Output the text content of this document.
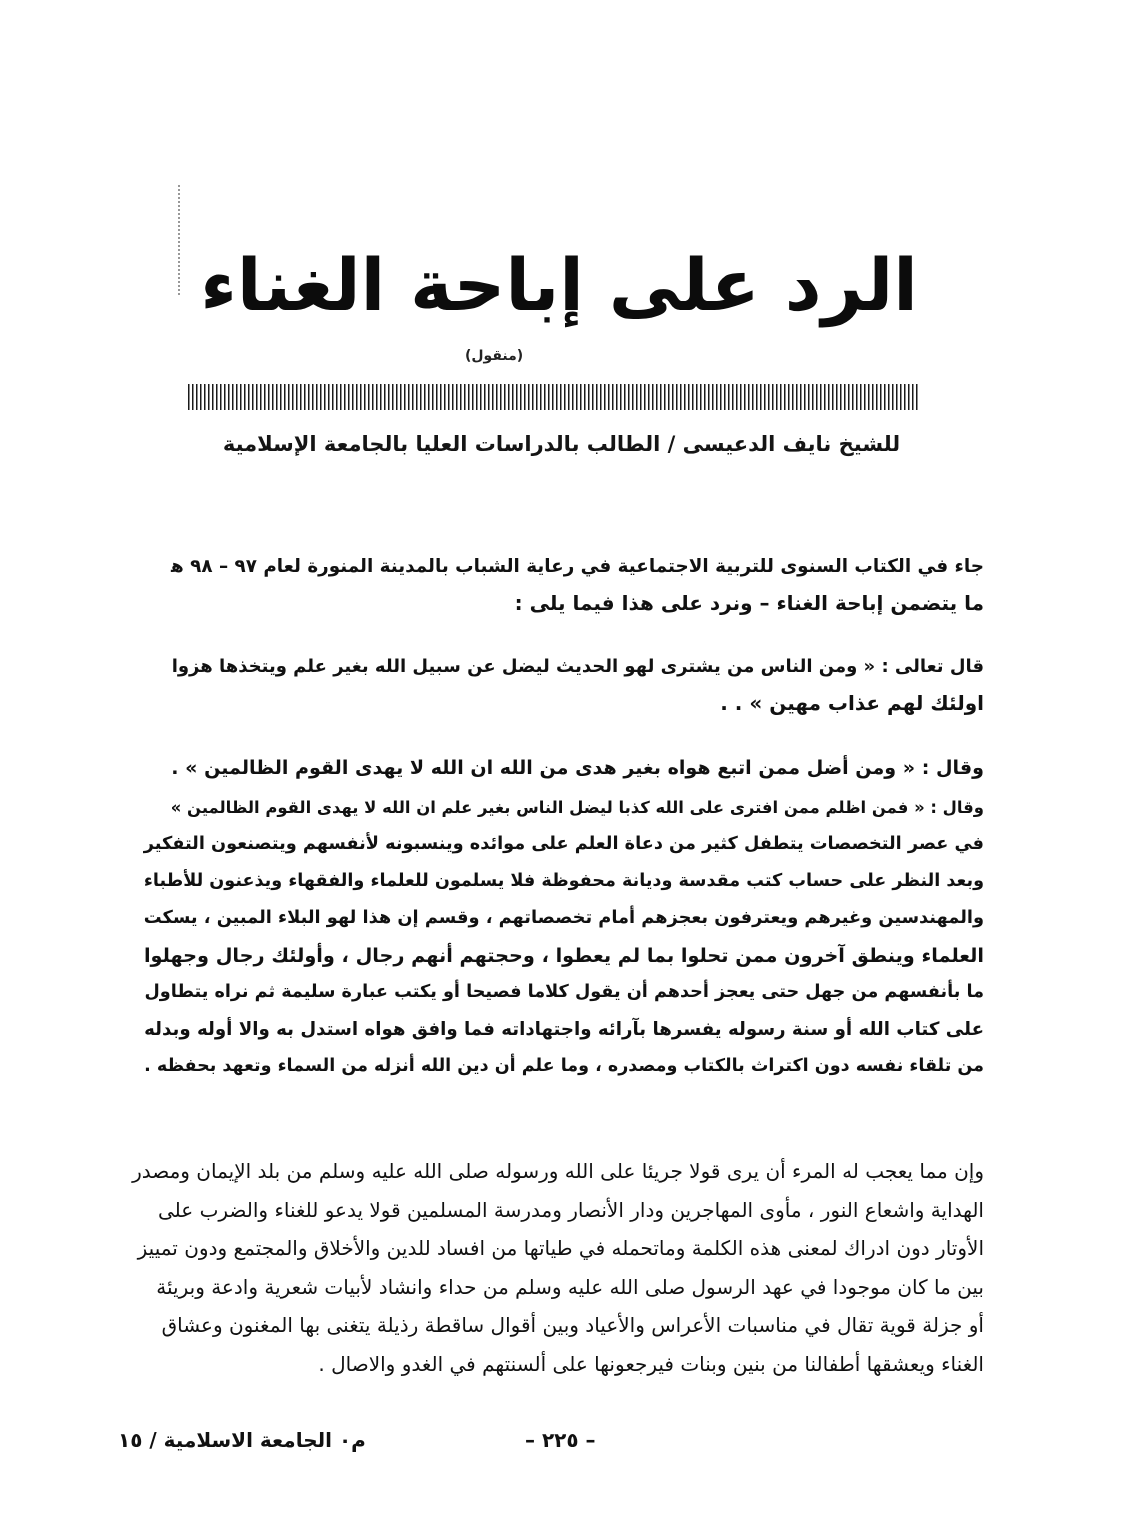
الرد على إباحة الغناء
(منقول)
للشيخ نايف الدعيسى / الطالب بالدراسات العليا بالجامعة الإسلامية
جاء في الكتاب السنوى للتربية الاجتماعية في رعاية الشباب بالمدينة المنورة لعام ٩٧ – ٩٨ ﻫ
ما يتضمن إباحة الغناء – ونرد على هذا فيما يلى :
قال تعالى : « ومن الناس من يشترى لهو الحديث ليضل عن سبيل الله بغير علم ويتخذها هزوا
اولئك لهم عذاب مهين » . .
وقال : « ومن أضل ممن اتبع هواه بغير هدى من الله ان الله لا يهدى القوم الظالمين » .
وقال : « فمن اظلم ممن افترى على الله كذبا ليضل الناس بغير علم ان الله لا يهدى القوم الظالمين »
في عصر التخصصات يتطفل كثير من دعاة العلم على موائده وينسبونه لأنفسهم ويتصنعون التفكير
وبعد النظر على حساب كتب مقدسة وديانة محفوظة فلا يسلمون للعلماء والفقهاء ويذعنون للأطباء
والمهندسين وغيرهم ويعترفون بعجزهم أمام تخصصاتهم ، وقسم إن هذا لهو البلاء المبين ، يسكت
العلماء وينطق آخرون ممن تحلوا بما لم يعطوا ، وحجتهم أنهم رجال ، وأولئك رجال وجهلوا
ما بأنفسهم من جهل حتى يعجز أحدهم أن يقول كلاما فصيحا أو يكتب عبارة سليمة ثم نراه يتطاول
على كتاب الله أو سنة رسوله يفسرها بآرائه واجتهاداته فما وافق هواه استدل به والا أوله وبدله
من تلقاء نفسه دون اكتراث بالكتاب ومصدره ، وما علم أن دين الله أنزله من السماء وتعهد بحفظه .
وإن مما يعجب له المرء أن يرى قولا جريئا على الله ورسوله صلى الله عليه وسلم من بلد الإيمان ومصدر
الهداية واشعاع النور ، مأوى المهاجرين ودار الأنصار ومدرسة المسلمين قولا يدعو للغناء والضرب على
الأوتار دون ادراك لمعنى هذه الكلمة وماتحمله في طياتها من افساد للدين والأخلاق والمجتمع ودون تمييز
بين ما كان موجودا في عهد الرسول صلى الله عليه وسلم من حداء وانشاد لأبيات شعرية وادعة وبريئة
أو جزلة قوية تقال في مناسبات الأعراس والأعياد وبين أقوال ساقطة رذيلة يتغنى بها المغنون وعشاق
الغناء ويعشقها أطفالنا من بنين وبنات فيرجعونها على ألسنتهم في الغدو والاصال .
– ٢٢٥ –
م٠ الجامعة الاسلامية / ١٥
